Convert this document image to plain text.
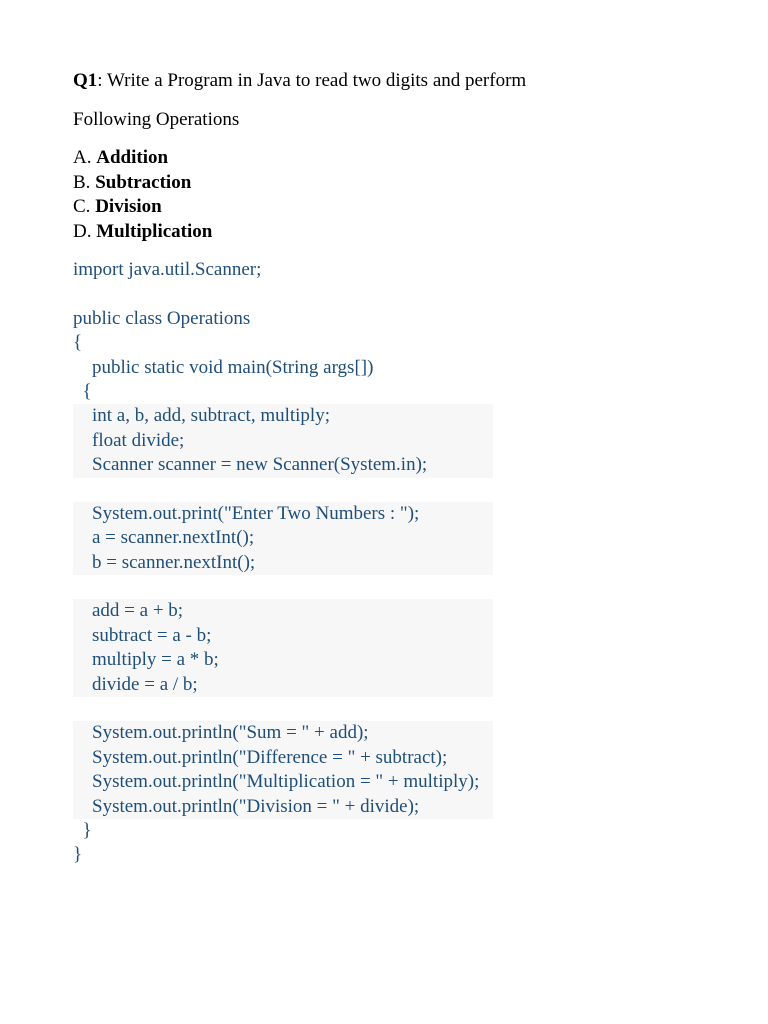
Q1: Write a Program in Java to read two digits and perform
Following Operations
A. Addition
B. Subtraction
C. Division
D. Multiplication
import java.util.Scanner;
public class Operations
{
public static void main(String args[])
{
int a, b, add, subtract, multiply;
float divide;
Scanner scanner = new Scanner(System.in);
System.out.print("Enter Two Numbers : ");
a = scanner.nextInt();
b = scanner.nextInt();
add = a + b;
subtract = a - b;
multiply = a * b;
divide = a / b;
System.out.println("Sum = " + add);
System.out.println("Difference = " + subtract);
System.out.println("Multiplication = " + multiply);
System.out.println("Division = " + divide);
}
}
